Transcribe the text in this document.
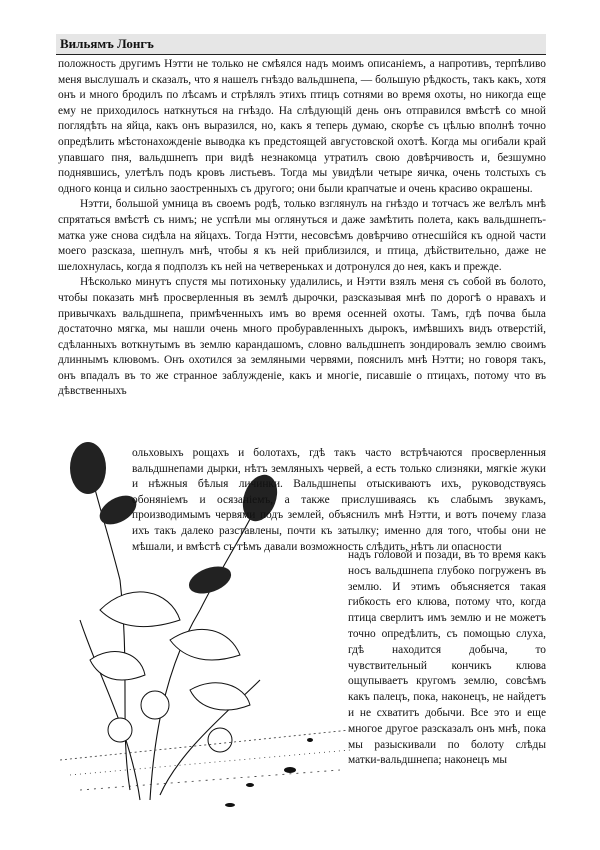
Вильямъ Лонгъ

положность другимъ Нэтти не только не смѣялся надъ моимъ описанiемъ, а напротивъ, терпѣливо меня выслушалъ и сказалъ, что я нашелъ гнѣздо вальдшнепа, — большую рѣдкость, такъ какъ, хотя онъ и много бродилъ по лѣсамъ и стрѣлялъ этихъ птицъ сотнями во время охоты, но никогда еще ему не приходилось наткнуться на гнѣздо. На слѣдующiй день онъ отправился вмѣстѣ со мной поглядѣть на яйца, какъ онъ выразился, но, какъ я теперь думаю, скорѣе съ цѣлью вполнѣ точно опредѣлить мѣстонахожденiе выводка къ предстоящей августовской охотѣ. Когда мы огибали край упавшаго пня, вальдшнепъ при видѣ незнакомца утратилъ свою довѣрчивость и, безшумно поднявшись, улетѣлъ подъ кровъ листьевъ. Тогда мы увидѣли четыре яичка, очень толстыхъ съ одного конца и сильно заостренныхъ съ другого; они были крапчатые и очень красиво окрашены.

Нэтти, большой умница въ своемъ родѣ, только взглянулъ на гнѣздо и тотчасъ же велѣлъ мнѣ спрятаться вмѣстѣ съ нимъ; не успѣли мы оглянуться и даже замѣтить полета, какъ вальдшнепъ-матка уже снова сидѣла на яйцахъ. Тогда Нэтти, несовсѣмъ довѣрчиво отнесшiйся къ одной части моего разсказа, шепнулъ мнѣ, чтобы я къ ней приблизился, и птица, дѣйствительно, даже не шелохнулась, когда я подползъ къ ней на четвереньках и дотронулся до нея, какъ и прежде.

Нѣсколько минутъ спустя мы потихоньку удалились, и Нэтти взялъ меня съ собой въ болото, чтобы показать мнѣ просверленныя въ землѣ дырочки, разсказывая мнѣ по дорогѣ о нравахъ и привычкахъ вальдшнепа, примѣченныхъ имъ во время осенней охоты. Тамъ, гдѣ почва была достаточно мягка, мы нашли очень много пробуравленныхъ дырокъ, имѣвшихъ видъ отверстiй, сдѣланныхъ воткнутымъ въ землю карандашомъ, словно вальдшнепъ зондировалъ землю своимъ длиннымъ клювомъ. Онъ охотился за земляными червями, пояснилъ мнѣ Нэтти; но говоря такъ, онъ впадалъ въ то же странное заблужденiе, какъ и многiе, писавшiе о птицахъ, потому что въ дѣвственныхъ

ольховыхъ рощахъ и болотахъ, гдѣ такъ часто встрѣчаются просверленныя вальдшнепами дырки, нѣтъ земляныхъ червей, а есть только слизняки, мягкiе жуки и нѣжныя бѣлыя личинки. Вальдшнепы отыскиваютъ ихъ, руководствуясь обонянiемъ и осязанiемъ, а также прислушиваясь къ слабымъ звукамъ, производимымъ червями подъ землей, объяснилъ мнѣ Нэтти, и вотъ почему глаза ихъ такъ далеко разставлены, почти къ затылку; именно для того, чтобы они не мѣшали, и вмѣстѣ съ тѣмъ давали возможность слѣдить, нѣтъ ли опасности
надъ головой и позади, въ то время какъ носъ вальдшнепа глубоко погруженъ въ землю. И этимъ объясняется такая гибкость его клюва, потому что, когда птица сверлитъ имъ землю и не можетъ точно опредѣлить, съ помощью слуха, гдѣ находится добыча, то чувствительный кончикъ клюва ощупываетъ кругомъ землю, совсѣмъ какъ палецъ, пока, наконецъ, не найдетъ и не схватитъ добычи. Все это и еще многое другое разсказалъ онъ мнѣ, пока мы разыскивали по болоту слѣды матки-вальдшнепа; наконецъ мы
